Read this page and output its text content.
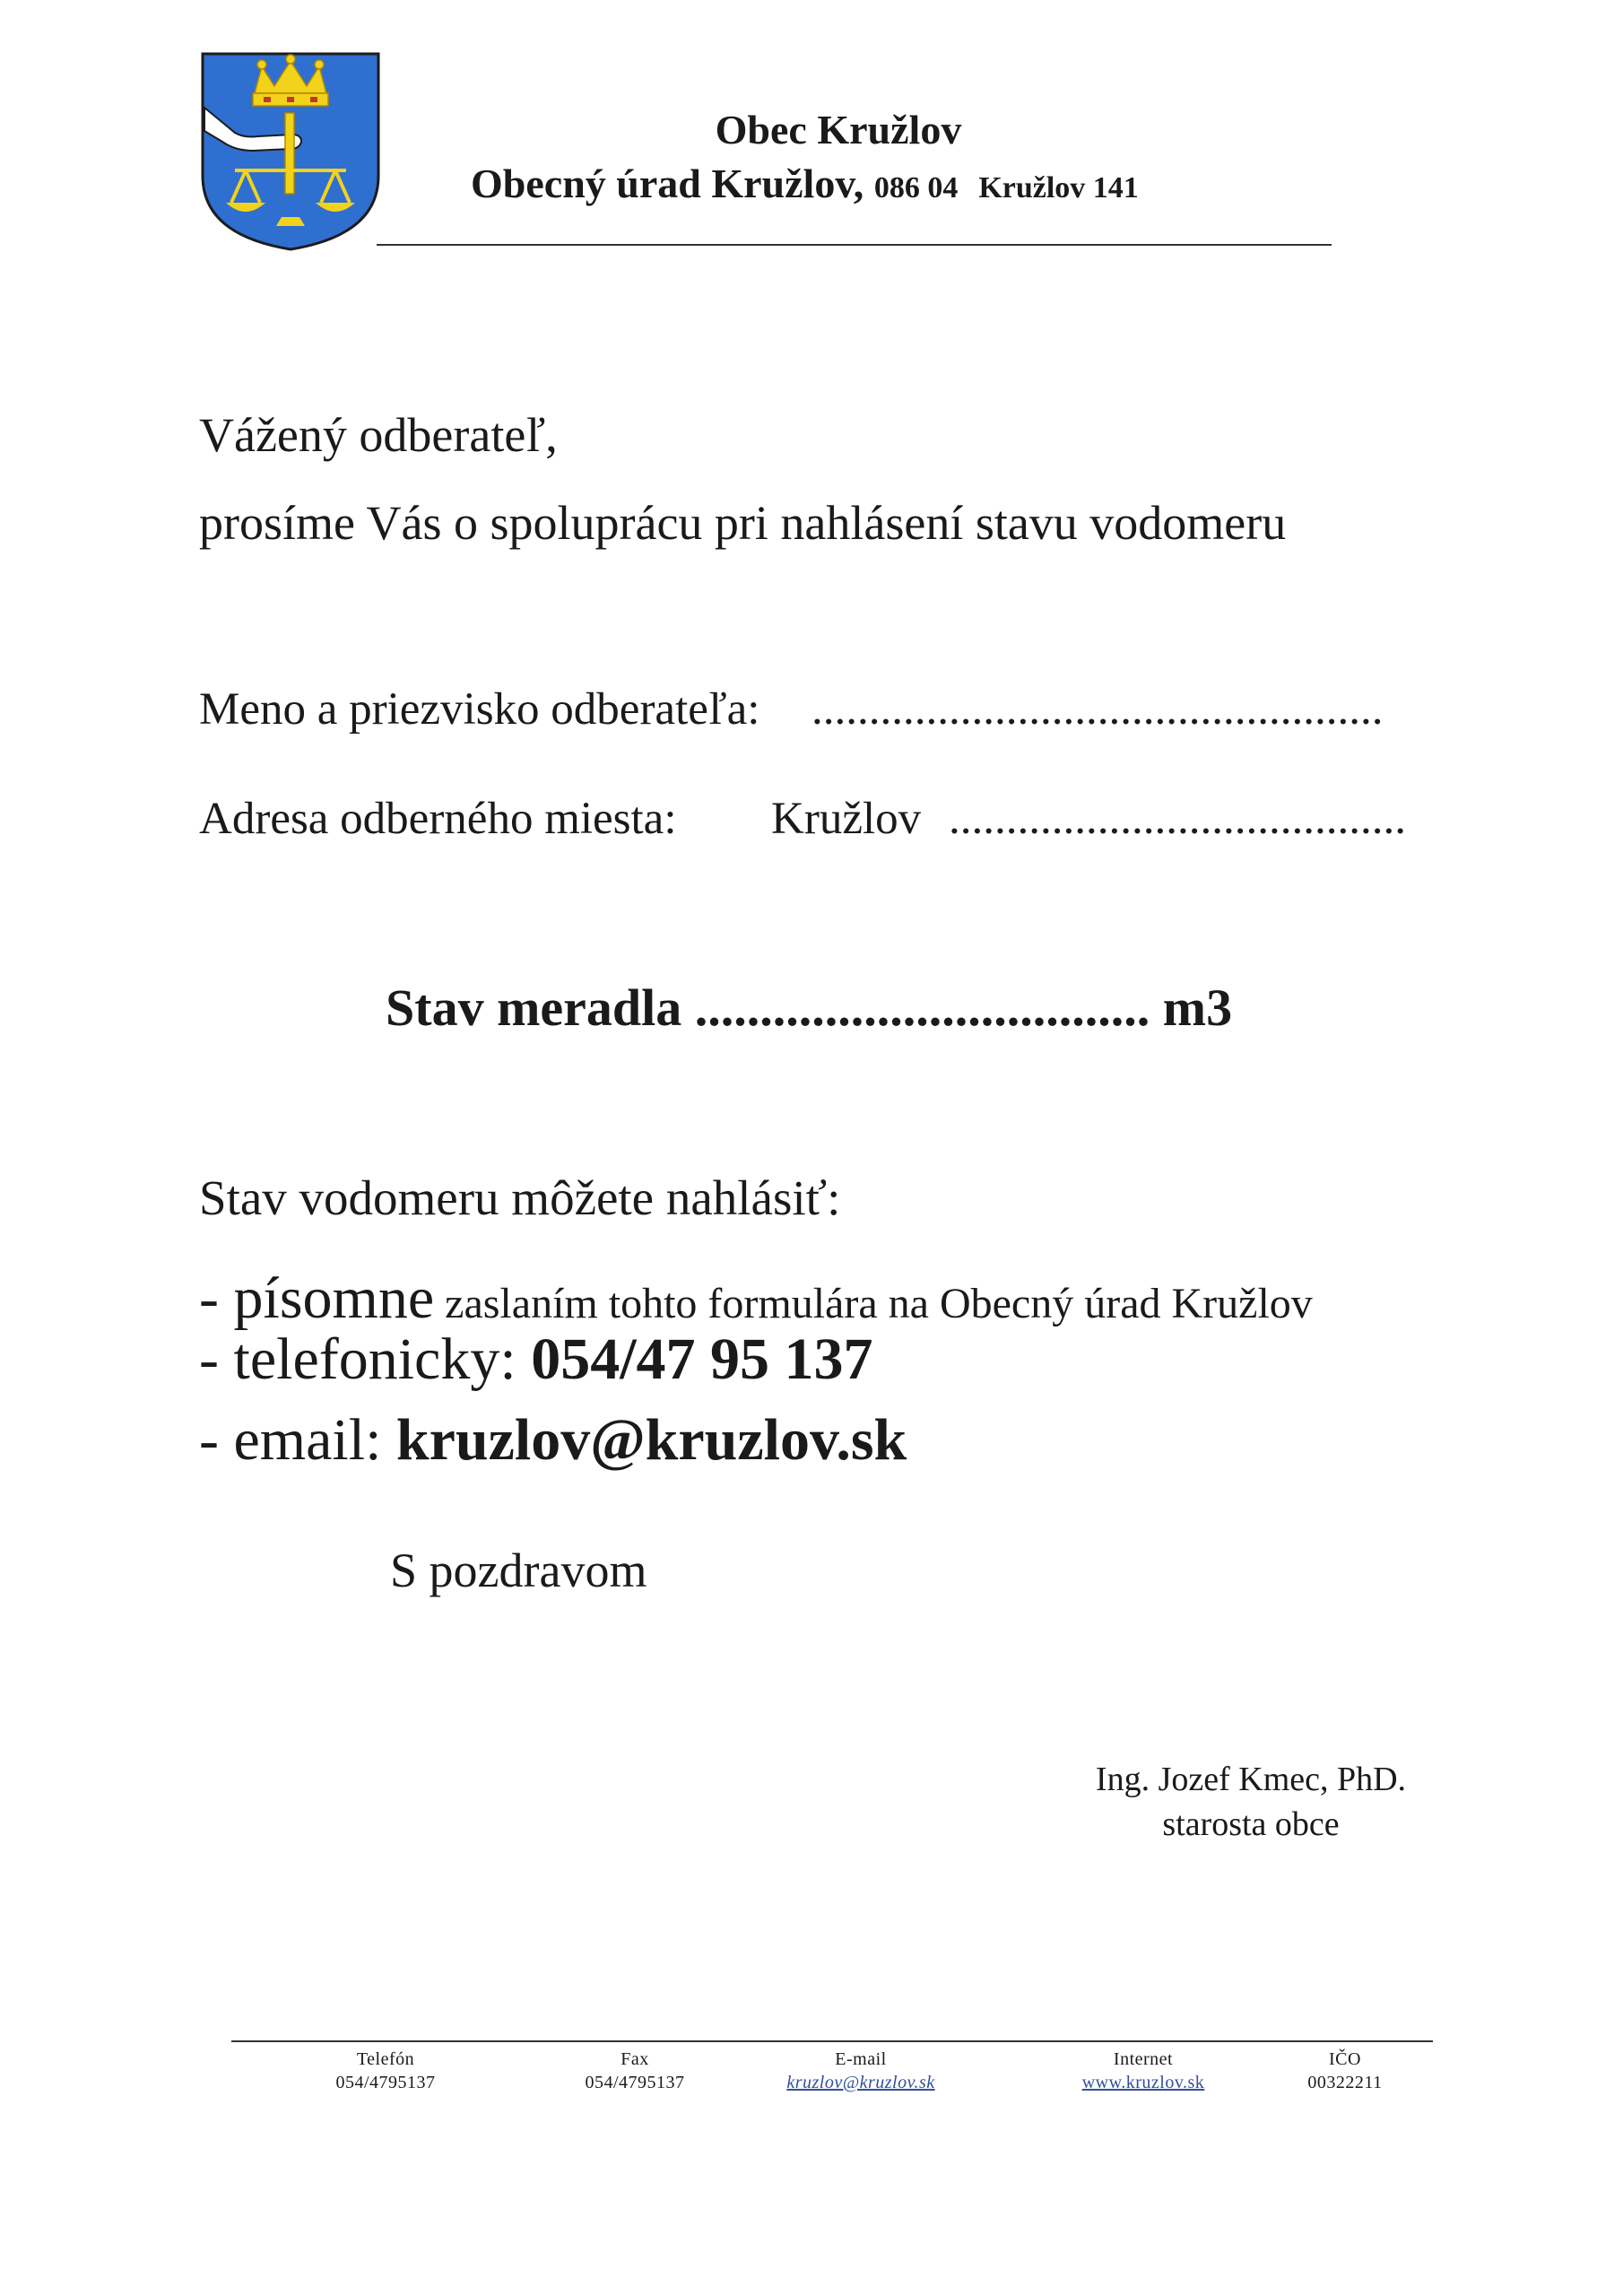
Obec Kružlov
Obecný úrad Kružlov, 086 04 Kružlov 141
Vážený odberateľ,
prosíme Vás o spoluprácu pri nahlásení stavu vodomeru
Meno a priezvisko odberateľa: ..................................................
Adresa odberného miesta: Kružlov ........................................
Stav meradla ................................... m3
Stav vodomeru môžete nahlásiť:
- písomne zaslaním tohto formulára na Obecný úrad Kružlov
- telefonicky: 054/47 95 137
- email: kruzlov@kruzlov.sk
S pozdravom
Ing. Jozef Kmec, PhD.
starosta obce
Telefón
054/4795137
Fax
054/4795137
E-mail
kruzlov@kruzlov.sk
Internet
www.kruzlov.sk
IČO
00322211
